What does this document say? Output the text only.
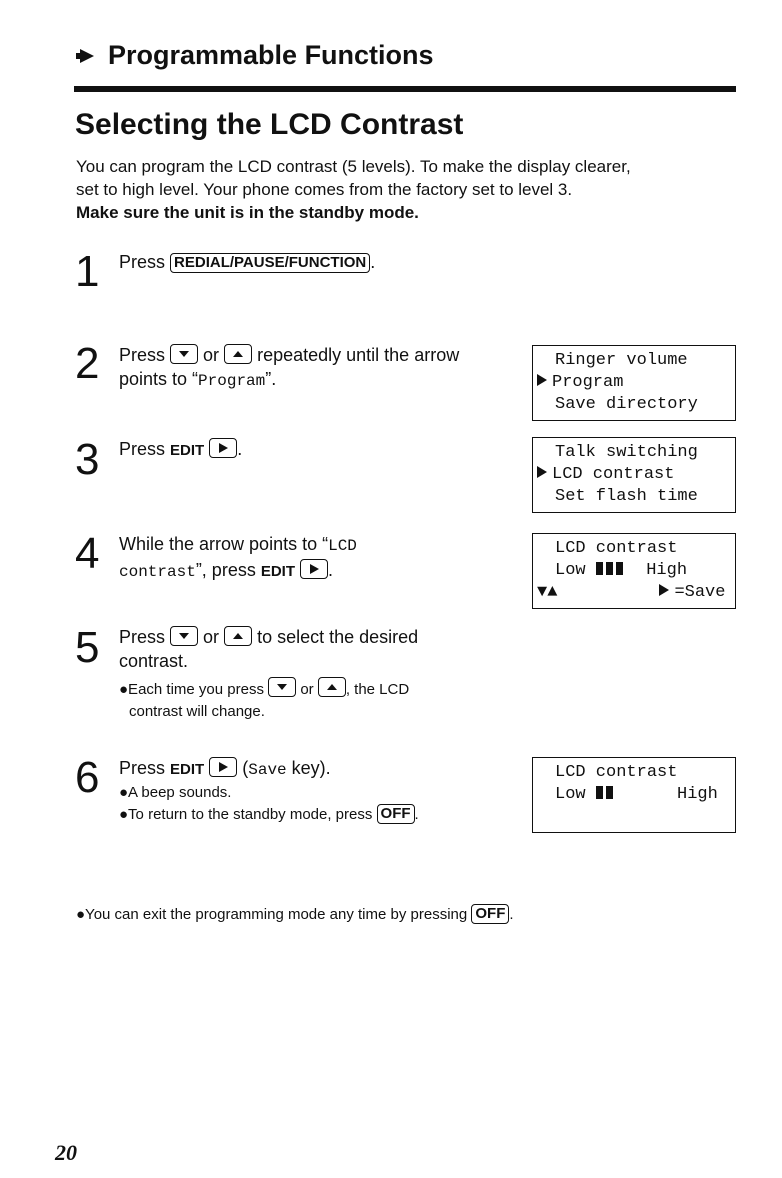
Programmable Functions
Selecting the LCD Contrast
You can program the LCD contrast (5 levels). To make the display clearer,
set to high level. Your phone comes from the factory set to level 3.
Make sure the unit is in the standby mode.
1 Press REDIAL/PAUSE/FUNCTION .
2 Press or repeatedly until the arrow
points to “Program”.
Ringer volume
Program
Save directory
3 Press EDIT .	Talk switching
LCD contrast
Set flash time
4 While the arrow points to “LCD
contrast”, press EDIT .
LCD contrast
Low	High
▼▲	=Save
5 Press or to select the desired
contrast.
●Each time you press or , the LCD
contrast will change.
6 Press EDIT (Save key).
●A beep sounds.
●To return to the standby mode, press OFF .
LCD contrast
Low	High
●You can exit the programming mode any time by pressing OFF .
20
